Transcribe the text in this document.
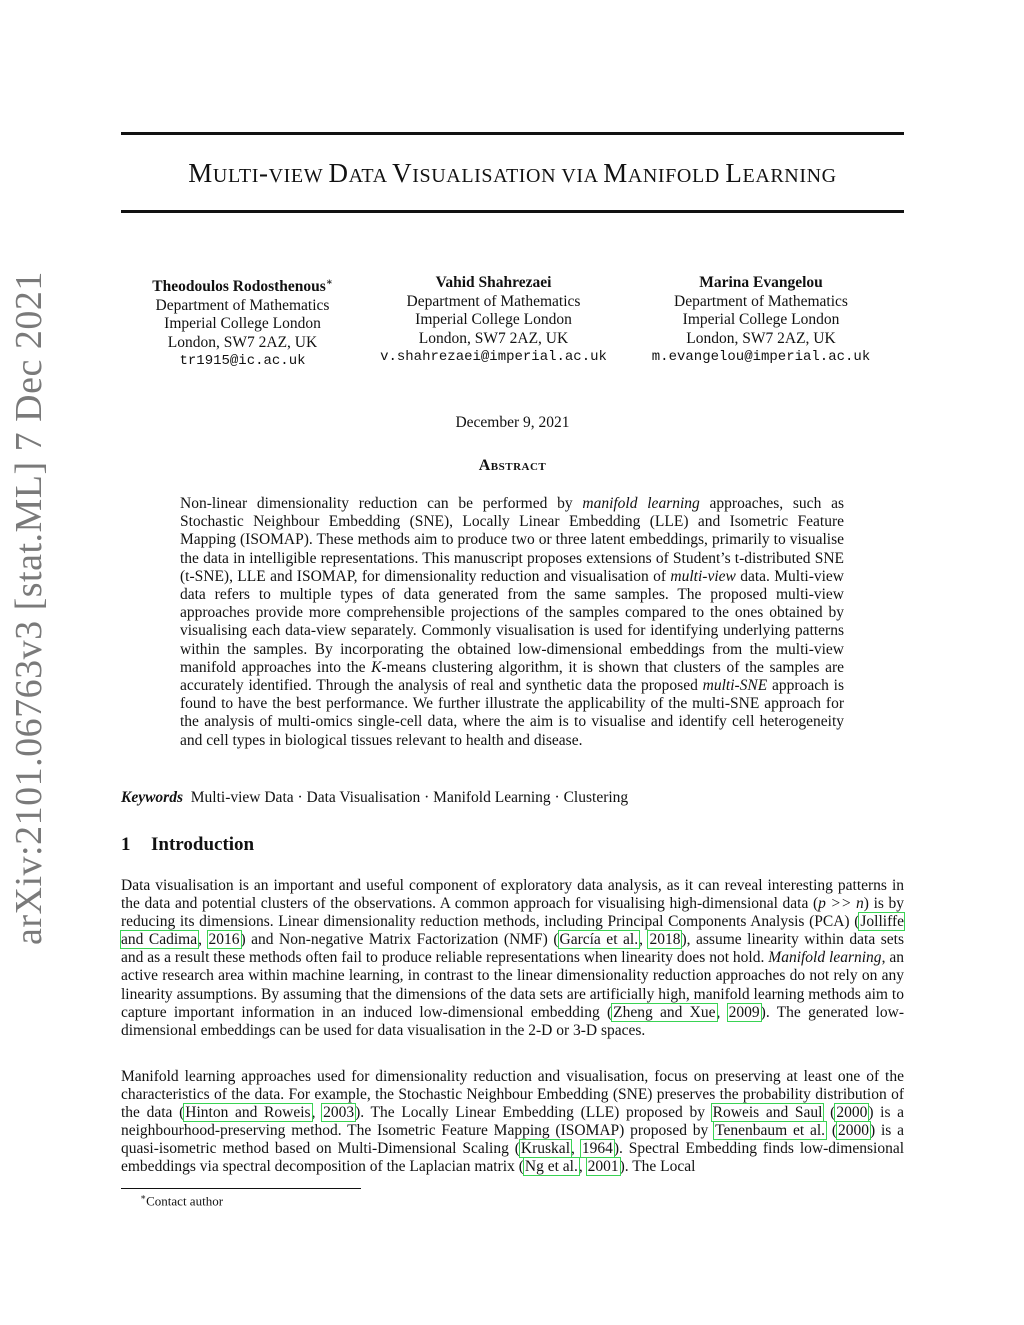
arXiv:2101.06763v3 [stat.ML] 7 Dec 2021
MULTI-VIEW DATA VISUALISATION VIA MANIFOLD LEARNING
Theodoulos Rodosthenous∗
Department of Mathematics
Imperial College London
London, SW7 2AZ, UK
tr1915@ic.ac.uk
Vahid Shahrezaei
Department of Mathematics
Imperial College London
London, SW7 2AZ, UK
v.shahrezaei@imperial.ac.uk
Marina Evangelou
Department of Mathematics
Imperial College London
London, SW7 2AZ, UK
m.evangelou@imperial.ac.uk
December 9, 2021
Abstract
Non-linear dimensionality reduction can be performed by manifold learning approaches, such as Stochastic Neighbour Embedding (SNE), Locally Linear Embedding (LLE) and Isometric Feature Mapping (ISOMAP). These methods aim to produce two or three latent embeddings, primarily to visualise the data in intelligible representations. This manuscript proposes extensions of Student’s t-distributed SNE (t-SNE), LLE and ISOMAP, for dimensionality reduction and visualisation of multi-view data. Multi-view data refers to multiple types of data generated from the same samples. The proposed multi-view approaches provide more comprehensible projections of the samples compared to the ones obtained by visualising each data-view separately. Commonly visualisation is used for identifying underlying patterns within the samples. By incorporating the obtained low-dimensional embeddings from the multi-view manifold approaches into the K-means clustering algorithm, it is shown that clusters of the samples are accurately identified. Through the analysis of real and synthetic data the proposed multi-SNE approach is found to have the best performance. We further illustrate the applicability of the multi-SNE approach for the analysis of multi-omics single-cell data, where the aim is to visualise and identify cell heterogeneity and cell types in biological tissues relevant to health and disease.
Keywords Multi-view Data · Data Visualisation · Manifold Learning · Clustering
1 Introduction
Data visualisation is an important and useful component of exploratory data analysis, as it can reveal interesting patterns in the data and potential clusters of the observations. A common approach for visualising high-dimensional data (p >> n) is by reducing its dimensions. Linear dimensionality reduction methods, including Principal Components Analysis (PCA) (Jolliffe and Cadima, 2016) and Non-negative Matrix Factorization (NMF) (García et al., 2018), assume linearity within data sets and as a result these methods often fail to produce reliable representations when linearity does not hold. Manifold learning, an active research area within machine learning, in contrast to the linear dimensionality reduction approaches do not rely on any linearity assumptions. By assuming that the dimensions of the data sets are artificially high, manifold learning methods aim to capture important information in an induced low-dimensional embedding (Zheng and Xue, 2009). The generated low-dimensional embeddings can be used for data visualisation in the 2-D or 3-D spaces.
Manifold learning approaches used for dimensionality reduction and visualisation, focus on preserving at least one of the characteristics of the data. For example, the Stochastic Neighbour Embedding (SNE) preserves the probability distribution of the data (Hinton and Roweis, 2003). The Locally Linear Embedding (LLE) proposed by Roweis and Saul (2000) is a neighbourhood-preserving method. The Isometric Feature Mapping (ISOMAP) proposed by Tenenbaum et al. (2000) is a quasi-isometric method based on Multi-Dimensional Scaling (Kruskal, 1964). Spectral Embedding finds low-dimensional embeddings via spectral decomposition of the Laplacian matrix (Ng et al., 2001). The Local
∗Contact author
